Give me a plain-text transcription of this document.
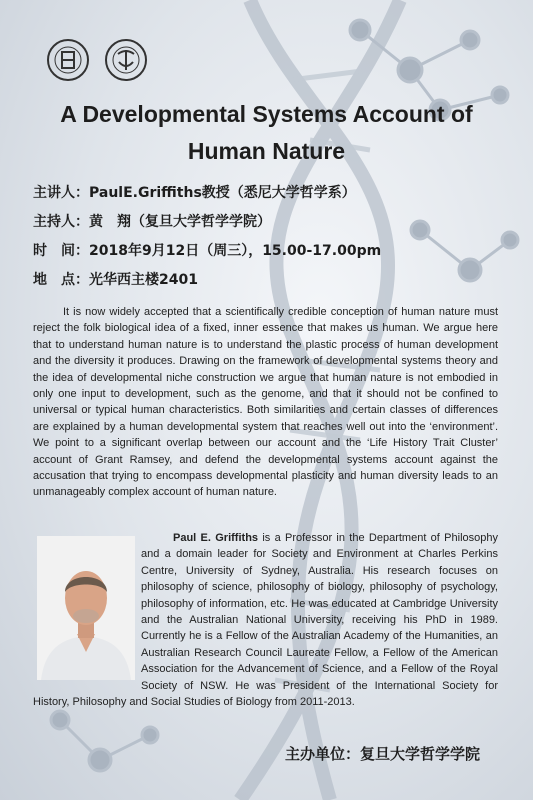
A Developmental Systems Account of
Human Nature
主讲人：PaulE.Griffiths教授（悉尼大学哲学系）
主持人：黄　翔（复旦大学哲学学院）
时　间：2018年9月12日（周三），15.00-17.00pm
地　点：光华西主楼2401

It is now widely accepted that a scientifically credible conception of human nature must reject the folk biological idea of a fixed, inner essence that makes us human. We argue here that to understand human nature is to understand the plastic process of human development and the diversity it produces. Drawing on the framework of developmental systems theory and the idea of developmental niche construction we argue that human nature is not embodied in only one input to development, such as the genome, and that it should not be confined to universal or typical human characteristics. Both similarities and certain classes of differences are explained by a human developmental system that reaches well out into the ‘environment’. We point to a significant overlap between our account and the ‘Life History Trait Cluster’ account of Grant Ramsey, and defend the developmental systems account against the accusation that trying to encompass developmental plasticity and human diversity leads to an unmanageably complex account of human nature.

Paul E. Griffiths is a Professor in the Department of Philosophy and a domain leader for Society and Environment at Charles Perkins Centre, University of Sydney, Australia. His research focuses on philosophy of science, philosophy of biology, philosophy of psychology, philosophy of information, etc. He was educated at Cambridge University and the Australian National University, receiving his PhD in 1989. Currently he is a Fellow of the Australian Academy of the Humanities, an Australian Research Council Laureate Fellow, a Fellow of the American Association for the Advancement of Science, and a Fellow of the Royal Society of NSW. He was President of the International Society for History, Philosophy and Social Studies of Biology from 2011-2013.

主办单位：复旦大学哲学学院
